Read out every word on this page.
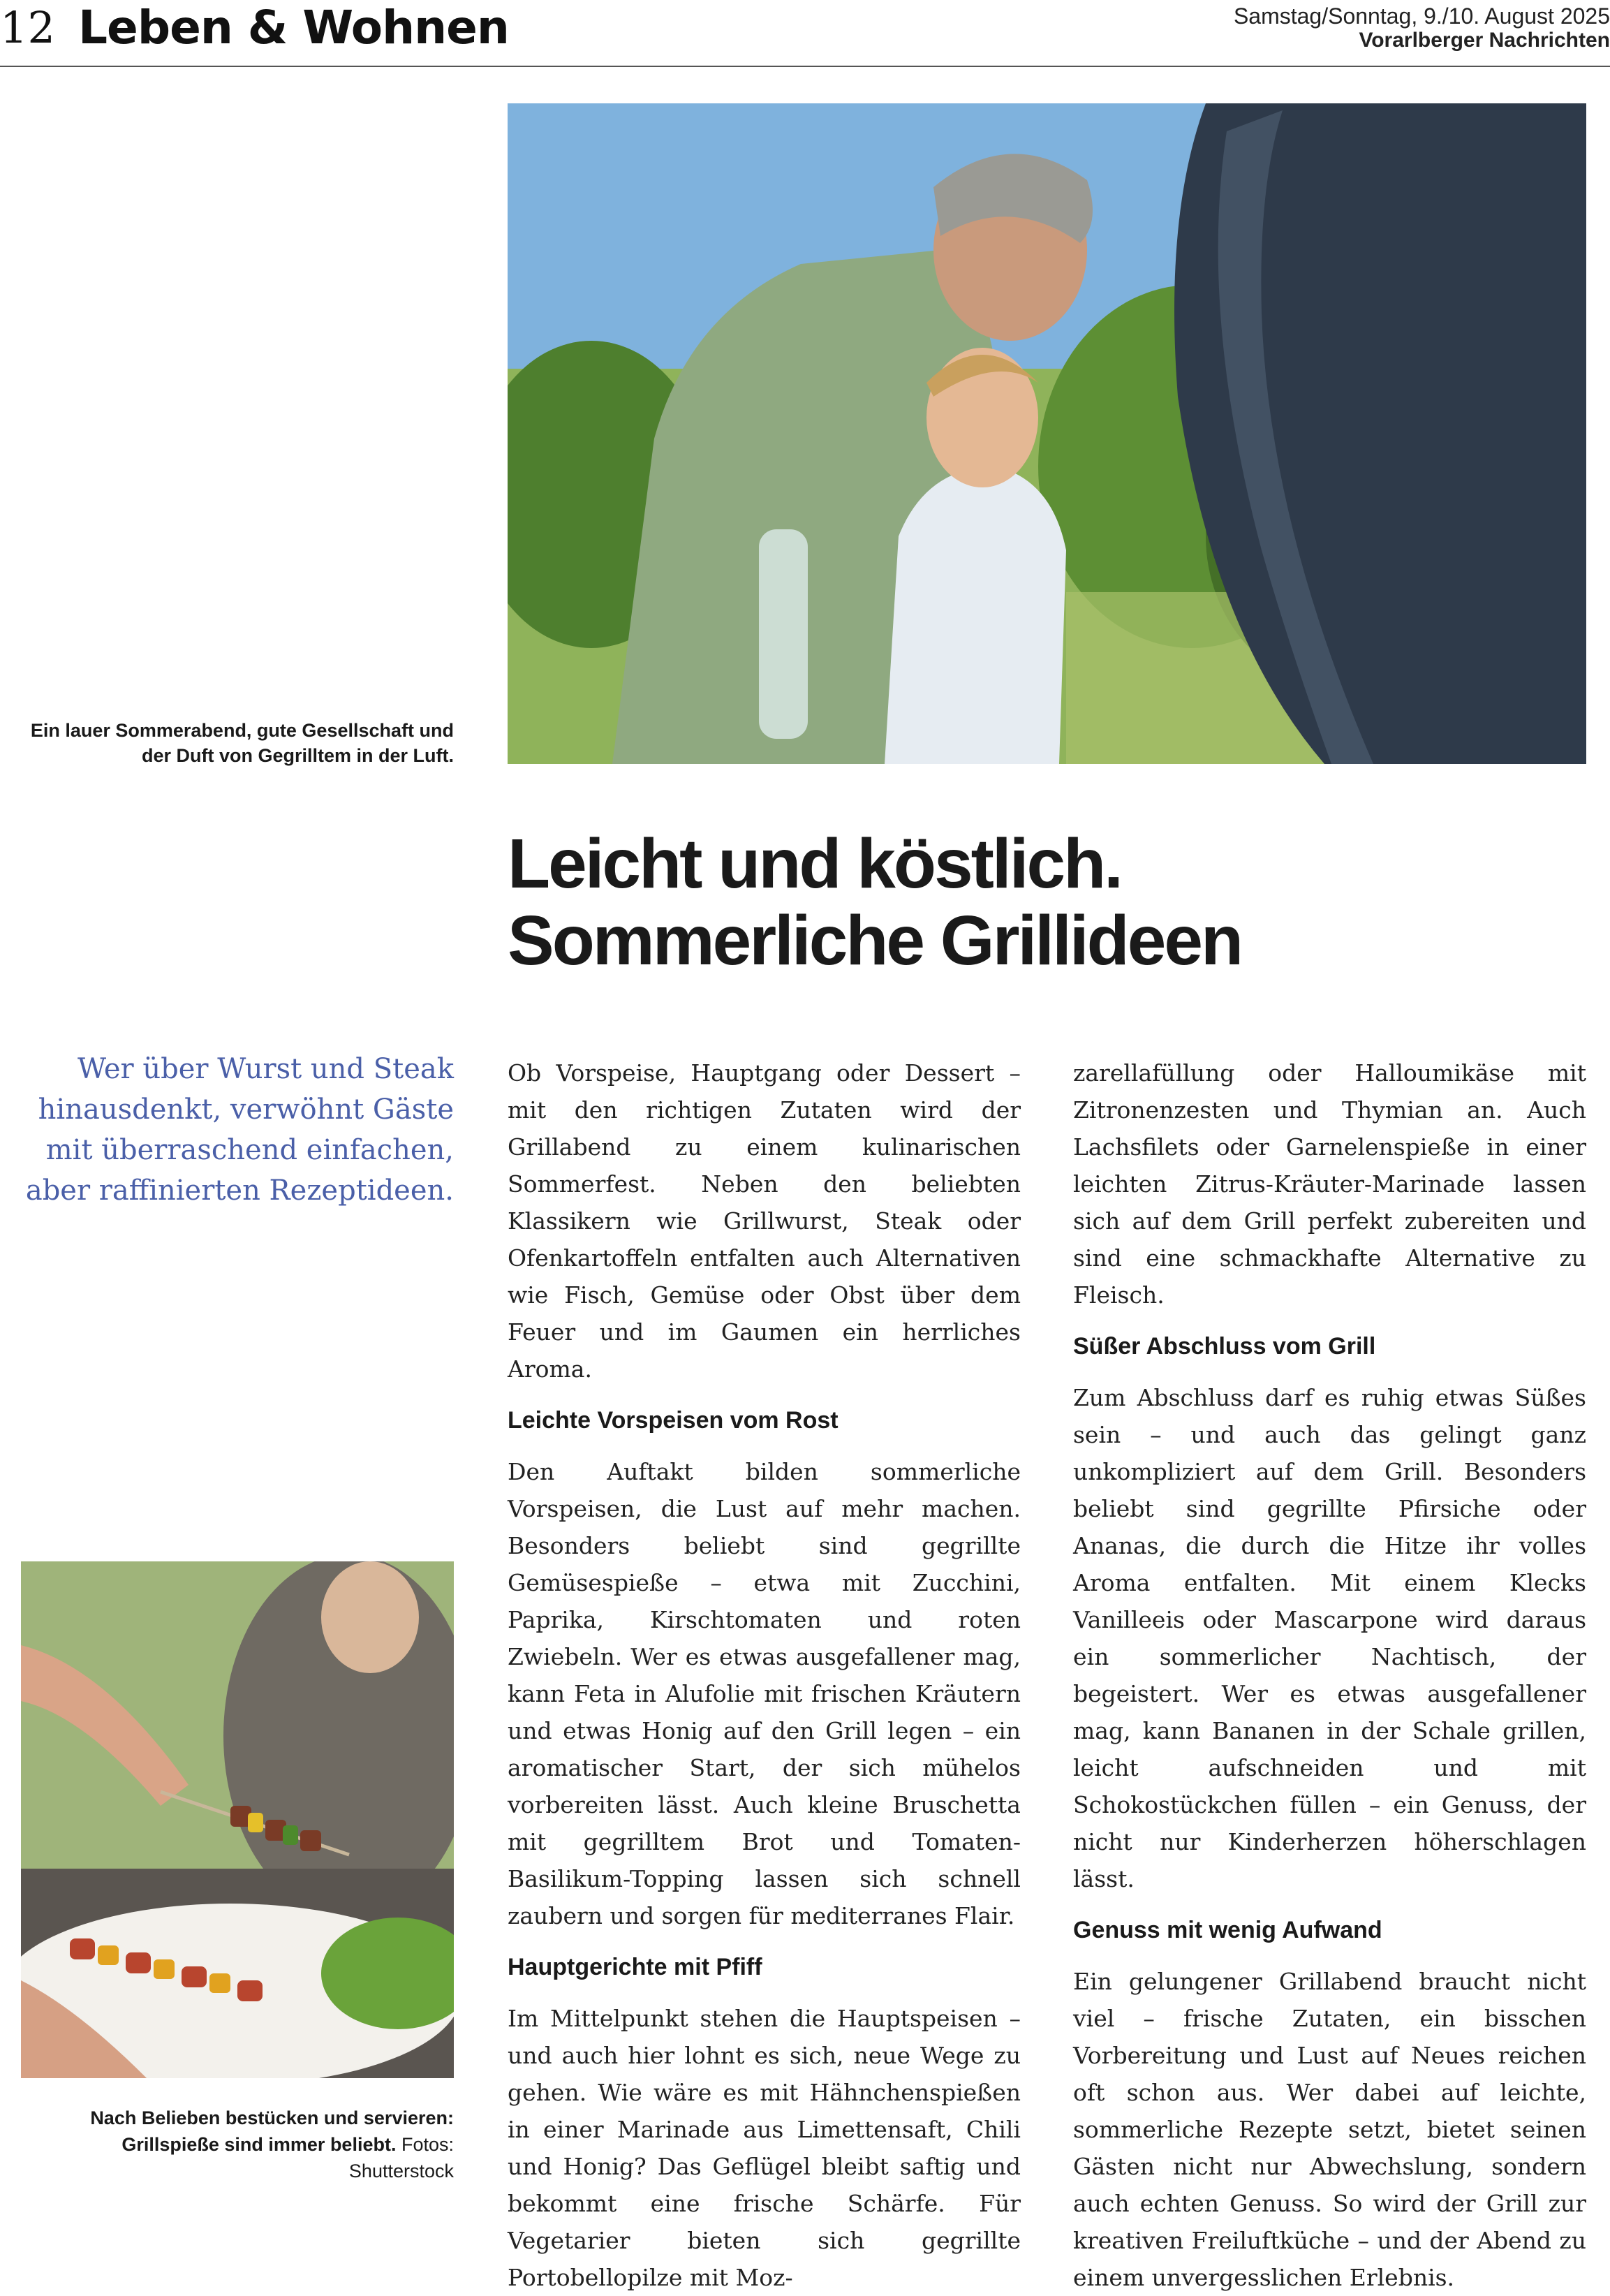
12 Leben & Wohnen	Samstag/Sonntag, 9./10. August 2025
Vorarlberger Nachrichten
Ein lauer Sommerabend, gute Gesellschaft und der Duft von Gegrilltem in der Luft.
Leicht und köstlich.
Sommerliche Grillideen
Wer über Wurst und Steak hinausdenkt, verwöhnt Gäste mit überraschend einfachen, aber raffinierten Rezeptideen.

Ob Vorspeise, Hauptgang oder Dessert – mit den richtigen Zutaten wird der Grillabend zu einem kulinarischen Sommerfest. Neben den beliebten Klassikern wie Grillwurst, Steak oder Ofenkartoffeln entfalten auch Alternativen wie Fisch, Gemüse oder Obst über dem Feuer und im Gaumen ein herrliches Aroma.

Leichte Vorspeisen vom Rost

Den Auftakt bilden sommerliche Vorspeisen, die Lust auf mehr machen. Besonders beliebt sind gegrillte Gemüsespieße – etwa mit Zucchini, Paprika, Kirschtomaten und roten Zwiebeln. Wer es etwas ausgefallener mag, kann Feta in Alufolie mit frischen Kräutern und etwas Honig auf den Grill legen – ein aromatischer Start, der sich mühelos vorbereiten lässt. Auch kleine Bruschetta mit gegrilltem Brot und Tomaten-Basilikum-Topping lassen sich schnell zaubern und sorgen für mediterranes Flair.

Hauptgerichte mit Pfiff

Im Mittelpunkt stehen die Hauptspeisen – und auch hier lohnt es sich, neue Wege zu gehen. Wie wäre es mit Hähnchenspießen in einer Marinade aus Limettensaft, Chili und Honig? Das Geflügel bleibt saftig und bekommt eine frische Schärfe. Für Vegetarier bieten sich gegrillte Portobellopilze mit Moz-

zarellafüllung oder Halloumikäse mit Zitronenzesten und Thymian an. Auch Lachsfilets oder Garnelenspieße in einer leichten Zitrus-Kräuter-Marinade lassen sich auf dem Grill perfekt zubereiten und sind eine schmackhafte Alternative zu Fleisch.

Süßer Abschluss vom Grill

Zum Abschluss darf es ruhig etwas Süßes sein – und auch das gelingt ganz unkompliziert auf dem Grill. Besonders beliebt sind gegrillte Pfirsiche oder Ananas, die durch die Hitze ihr volles Aroma entfalten. Mit einem Klecks Vanilleeis oder Mascarpone wird daraus ein sommerlicher Nachtisch, der begeistert. Wer es etwas ausgefallener mag, kann Bananen in der Schale grillen, leicht aufschneiden und mit Schokostückchen füllen – ein Genuss, der nicht nur Kinderherzen höherschlagen lässt.

Genuss mit wenig Aufwand

Ein gelungener Grillabend braucht nicht viel – frische Zutaten, ein bisschen Vorbereitung und Lust auf Neues reichen oft schon aus. Wer dabei auf leichte, sommerliche Rezepte setzt, bietet seinen Gästen nicht nur Abwechslung, sondern auch echten Genuss. So wird der Grill zur kreativen Freiluftküche – und der Abend zu einem unvergesslichen Erlebnis.

Nach Belieben bestücken und servieren: Grillspieße sind immer beliebt. Fotos: Shutterstock
